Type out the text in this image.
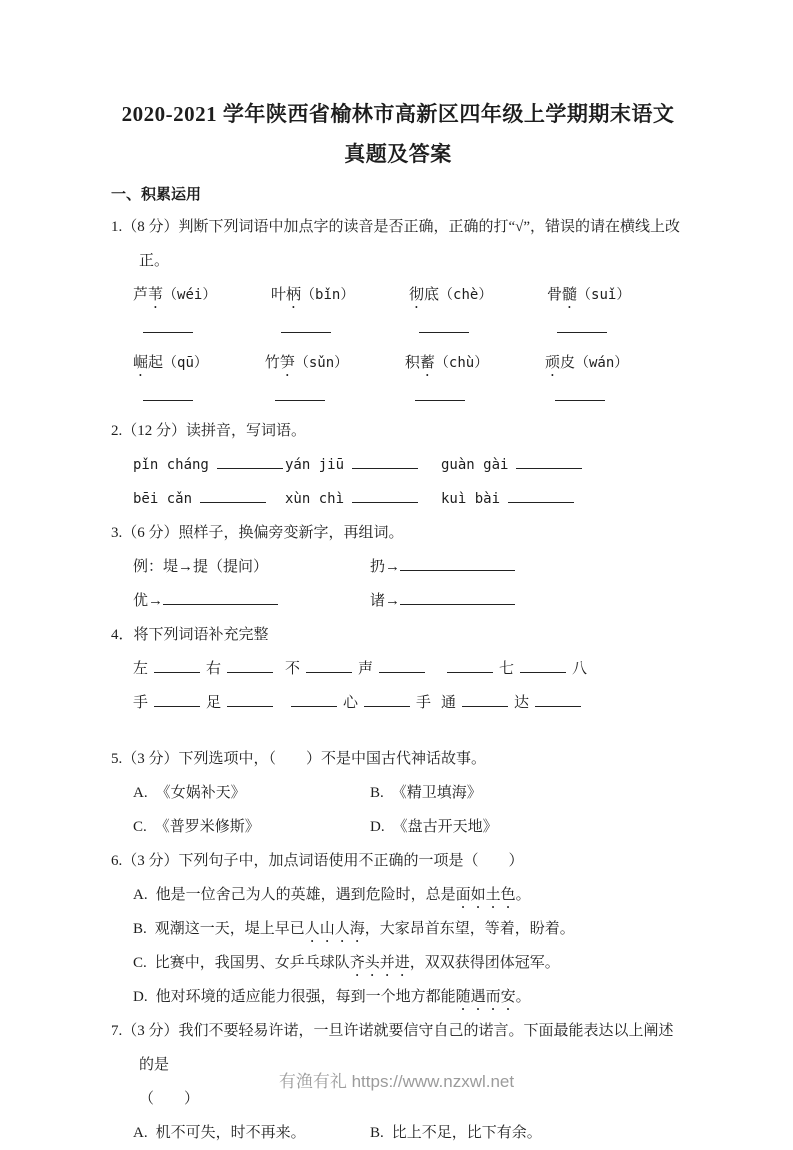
2020-2021 学年陕西省榆林市高新区四年级上学期期末语文
真题及答案
一、积累运用
1.（8 分）判断下列词语中加点字的读音是否正确，正确的打“√”，错误的请在横线上改正。
芦苇（wéi）	叶柄（bǐn）	彻底（chè）	骨髓（suǐ）
崛起（qū）	竹笋（sǔn）	积蓄（chù）	顽皮（wán）
2.（12 分）读拼音，写词语。
pǐn cháng	yán jiū	guàn gài
bēi cǎn	xùn chì	kuì bài
3.（6 分）照样子，换偏旁变新字，再组词。
例：堤→提（提问）	扔→
优→	诸→
4．将下列词语补充完整
左	右	不	声	七	八
手	足	心	手 通	达
5.（3 分）下列选项中，（　　）不是中国古代神话故事。
A. 《女娲补天》	B. 《精卫填海》
C. 《普罗米修斯》	D. 《盘古开天地》
6.（3 分）下列句子中，加点词语使用不正确的一项是（　　）
A. 他是一位舍己为人的英雄，遇到危险时，总是面如土色。
B. 观潮这一天，堤上早已人山人海，大家昂首东望，等着，盼着。
C. 比赛中，我国男、女乒乓球队齐头并进，双双获得团体冠军。
D. 他对环境的适应能力很强，每到一个地方都能随遇而安。
7.（3 分）我们不要轻易许诺，一旦许诺就要信守自己的诺言。下面最能表达以上阐述的是
（　　）
A. 机不可失，时不再来。	B. 比上不足，比下有余。
有渔有礼 https://www.nzxwl.net
